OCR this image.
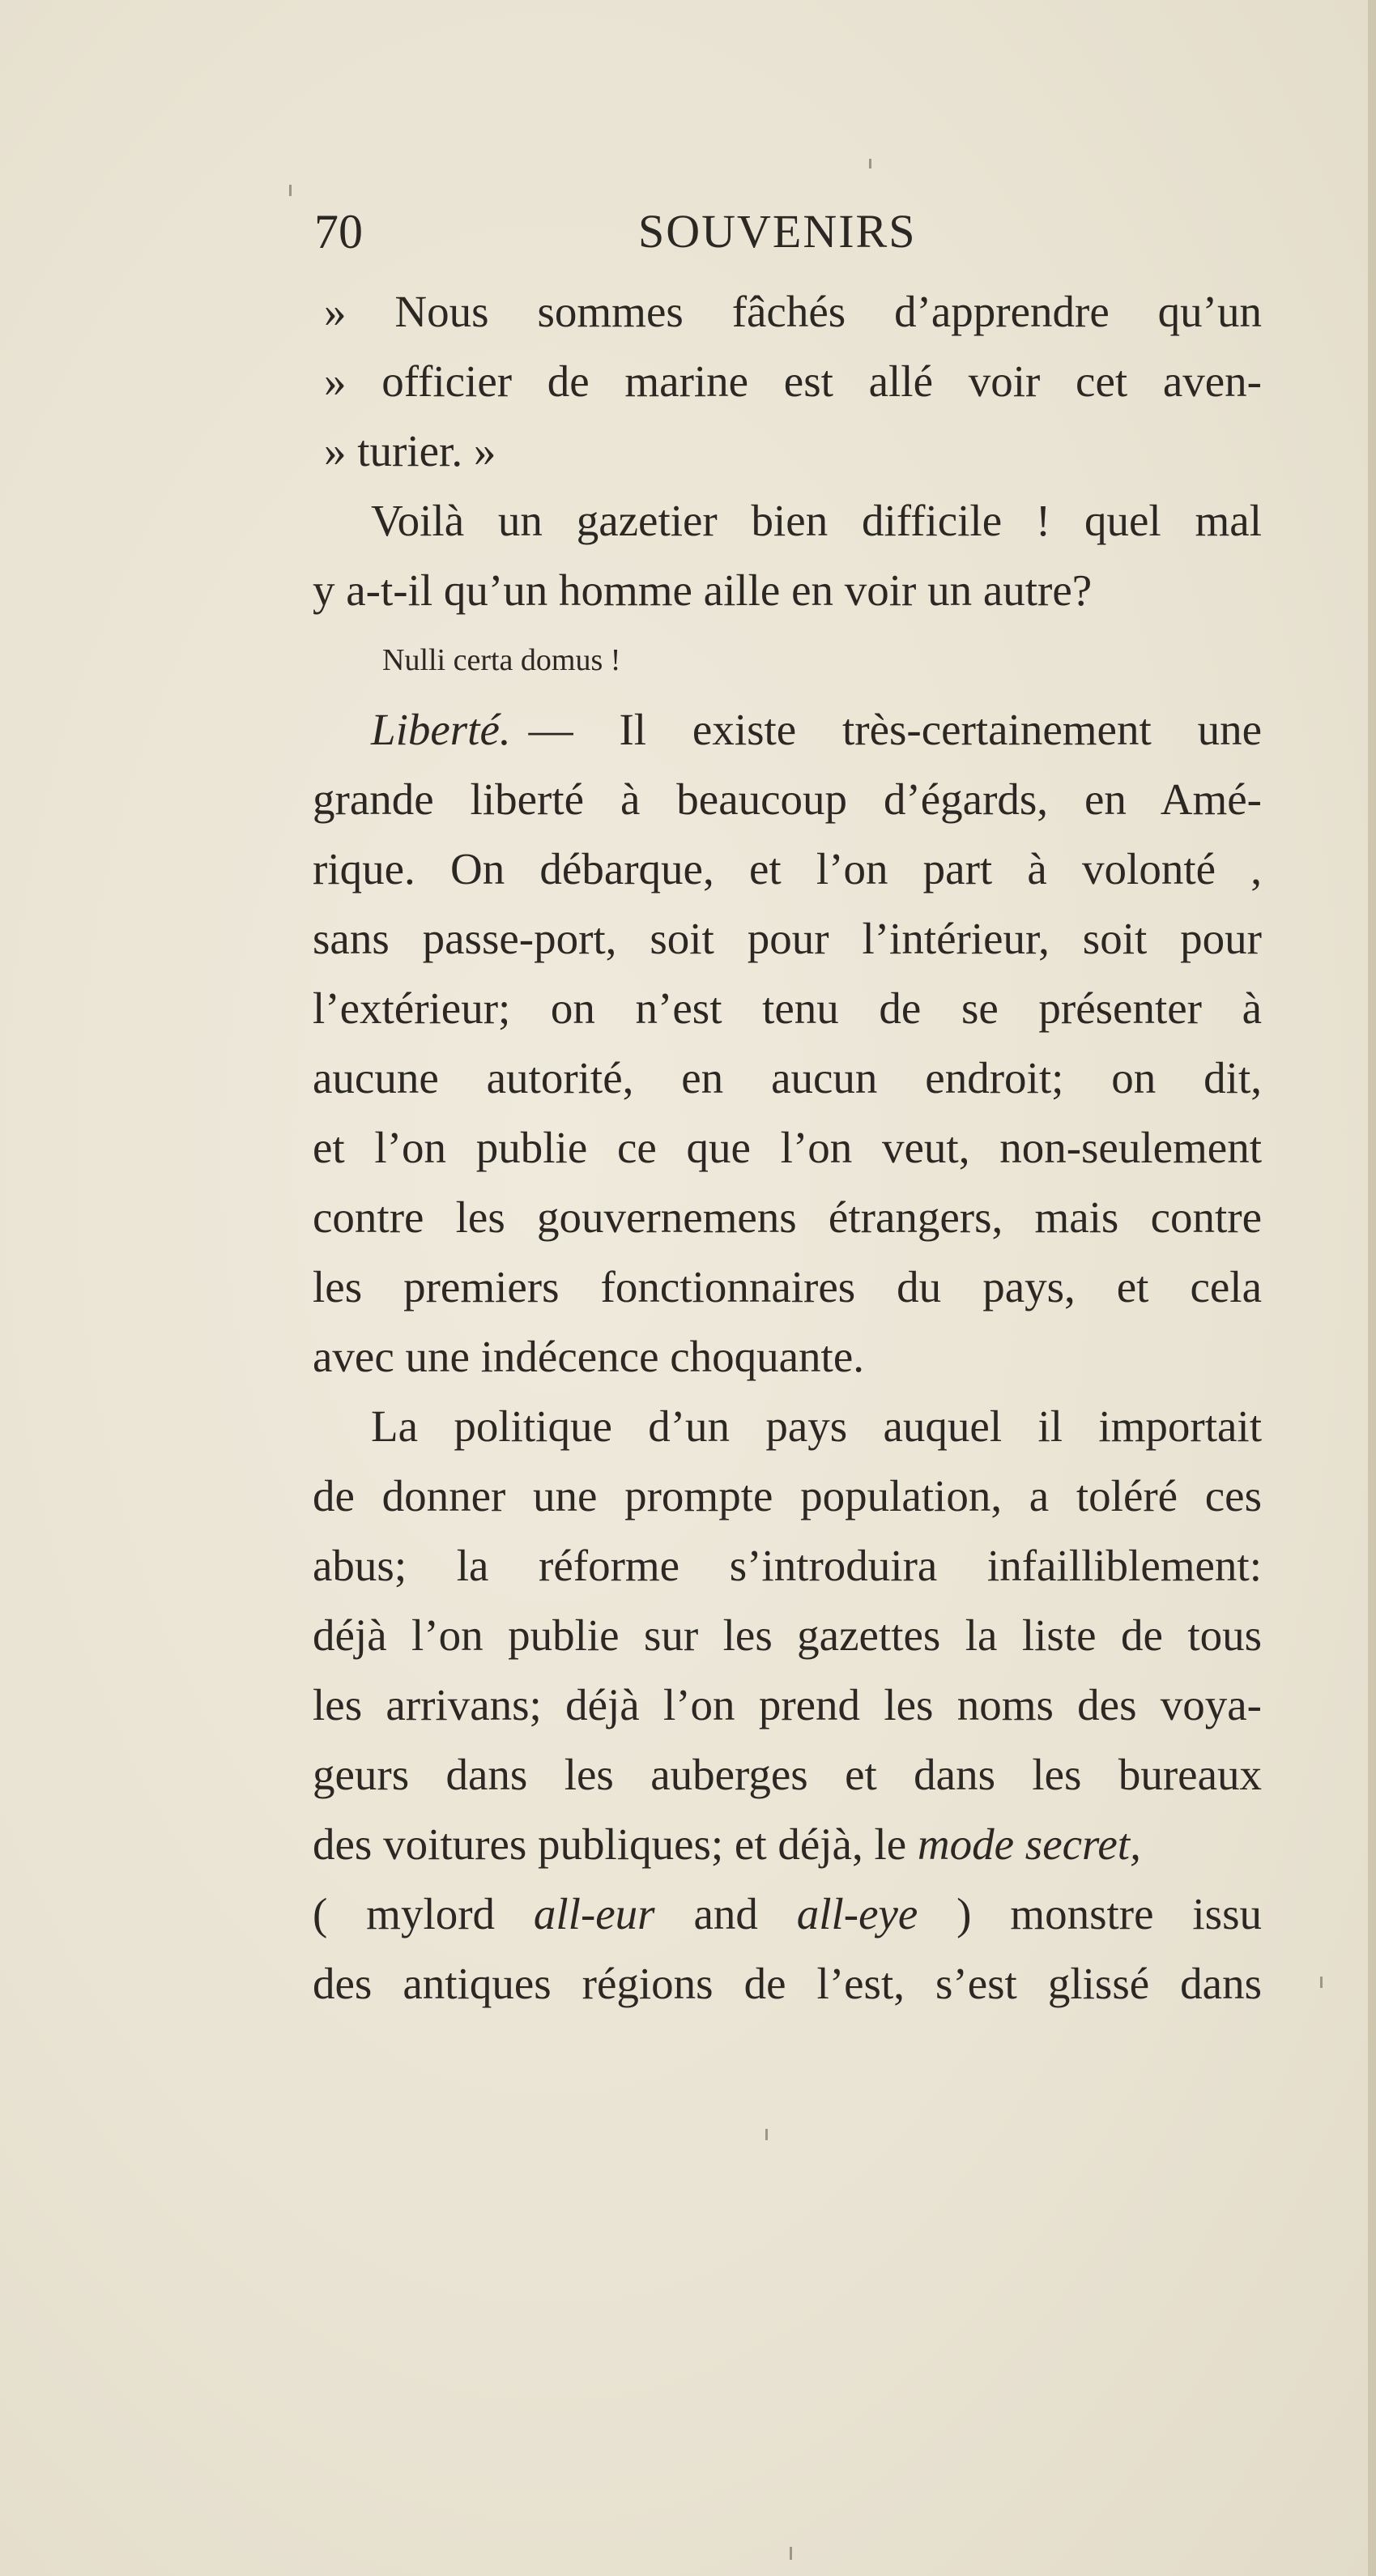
70	SOUVENIRS
» Nous sommes fâchés d’apprendre qu’un
» officier de marine est allé voir cet aven-
» turier. »
Voilà un gazetier bien difficile ! quel mal
y a-t-il qu’un homme aille en voir un autre?
Nulli certa domus !
Liberté. — Il existe très-certainement une
grande liberté à beaucoup d’égards, en Amé-
rique. On débarque, et l’on part à volonté ,
sans passe-port, soit pour l’intérieur, soit pour
l’extérieur; on n’est tenu de se présenter à
aucune autorité, en aucun endroit; on dit,
et l’on publie ce que l’on veut, non-seulement
contre les gouvernemens étrangers, mais contre
les premiers fonctionnaires du pays, et cela
avec une indécence choquante.
La politique d’un pays auquel il importait
de donner une prompte population, a toléré ces
abus; la réforme s’introduira infailliblement:
déjà l’on publie sur les gazettes la liste de tous
les arrivans; déjà l’on prend les noms des voya-
geurs dans les auberges et dans les bureaux
des voitures publiques; et déjà, le mode secret,
( mylord all-eur and all-eye ) monstre issu
des antiques régions de l’est, s’est glissé dans
